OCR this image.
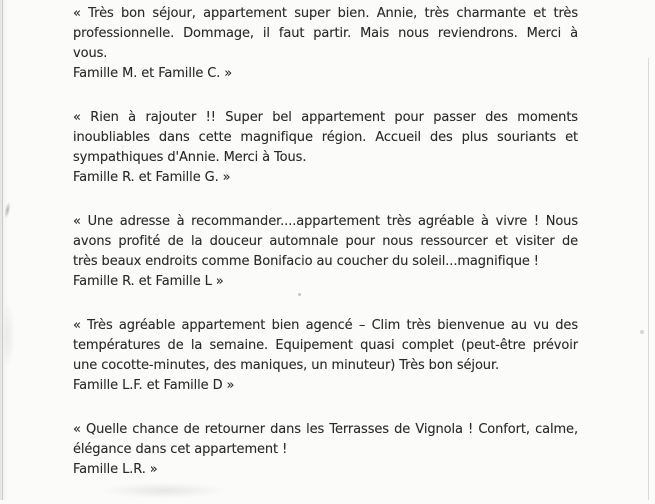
« Très bon séjour, appartement super bien. Annie, très charmante et très
professionnelle. Dommage, il faut partir. Mais nous reviendrons. Merci à
vous.
Famille M. et Famille C. »
« Rien à rajouter !! Super bel appartement pour passer des moments
inoubliables dans cette magnifique région. Accueil des plus souriants et
sympathiques d'Annie. Merci à Tous.
Famille R. et Famille G. »
« Une adresse à recommander....appartement très agréable à vivre ! Nous
avons profité de la douceur automnale pour nous ressourcer et visiter de
très beaux endroits comme Bonifacio au coucher du soleil...magnifique !
Famille R. et Famille L »
« Très agréable appartement bien agencé – Clim très bienvenue au vu des
températures de la semaine. Equipement quasi complet (peut-être prévoir
une cocotte-minutes, des maniques, un minuteur) Très bon séjour.
Famille L.F. et Famille D »
« Quelle chance de retourner dans les Terrasses de Vignola ! Confort, calme,
élégance dans cet appartement !
Famille L.R. »
